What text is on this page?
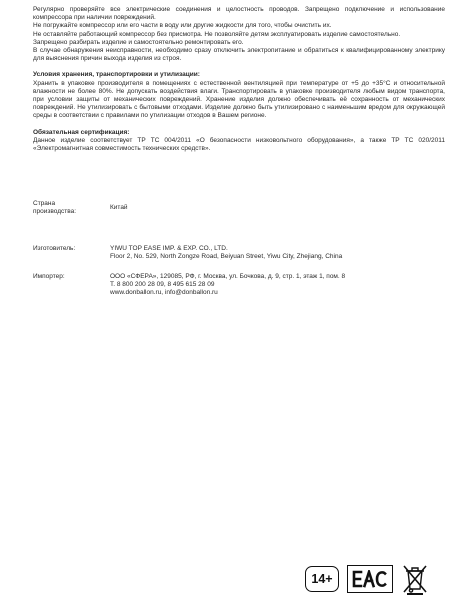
Регулярно проверяйте все электрические соединения и целостность проводов. Запрещено подключение и использование компрессора при наличии повреждений.

Не погружайте компрессор или его части в воду или другие жидкости для того, чтобы очистить их.

Не оставляйте работающий компрессор без присмотра. Не позволяйте детям эксплуатировать изделие самостоятельно.

Запрещено разбирать изделие и самостоятельно ремонтировать его.

В случае обнаружения неисправности, необходимо сразу отключить электропитание и обратиться к квалифицированному электрику для выяснения причин выхода изделия из строя.

Условия хранения, транспортировки и утилизации:

Хранить в упаковке производителя в помещениях с естественной вентиляцией при температуре от +5 до +35°С и относительной влажности не более 80%. Не допускать воздействия влаги. Транспортировать в упаковке производителя любым видом транспорта, при условии защиты от механических повреждений. Хранение изделия должно обеспечивать её сохранность от механических повреждений. Не утилизировать с бытовыми отходами. Изделие должно быть утилизировано с наименьшим вредом для окружающей среды в соответствии с правилами по утилизации отходов в Вашем регионе.

Обязательная сертификация:

Данное изделие соответствует ТР ТС 004/2011 «О безопасности низковольтного оборудования», а также ТР ТС 020/2011 «Электромагнитная совместимость технических средств».

Страна
производства:
Китай
Изготовитель:	YIWU TOP EASE IMP. & EXP. CO., LTD.
Floor 2, No. 529, North Zongze Road, Beiyuan Street, Yiwu City, Zhejiang, China
Импортер:	ООО «СФЕРА», 129085, РФ, г. Москва, ул. Бочкова, д. 9, стр. 1, этаж 1, пом. 8
Т. 8 800 200 28 09, 8 495 615 28 09
www.donballon.ru, info@donballon.ru
14+
